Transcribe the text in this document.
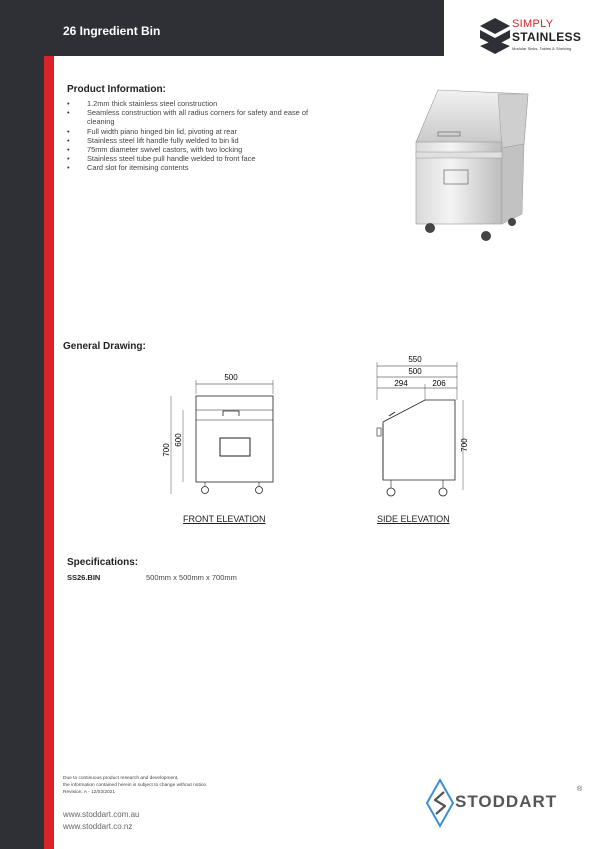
26 Ingredient Bin	SIMPLY
STAINLESS
Modular Sinks, Tables & Shelving
Product Information:
• 1.2mm thick stainless steel construction
• Seamless construction with all radius corners for safety and ease of cleaning
• Full width piano hinged bin lid, pivoting at rear
• Stainless steel lift handle fully welded to bin lid
• 75mm diameter swivel castors, with two locking
• Stainless steel tube pull handle welded to front face
• Card slot for itemising contents
General Drawing:
500
700
600
FRONT ELEVATION
550
500
294	206
700
SIDE ELEVATION
Specifications:
SS26.BIN	500mm x 500mm x 700mm
Due to continuous product research and development,
the information contained herein is subject to change without notice.
Revision: A - 12/03/2021
www.stoddart.com.au
www.stoddart.co.nz
STODDART
®
